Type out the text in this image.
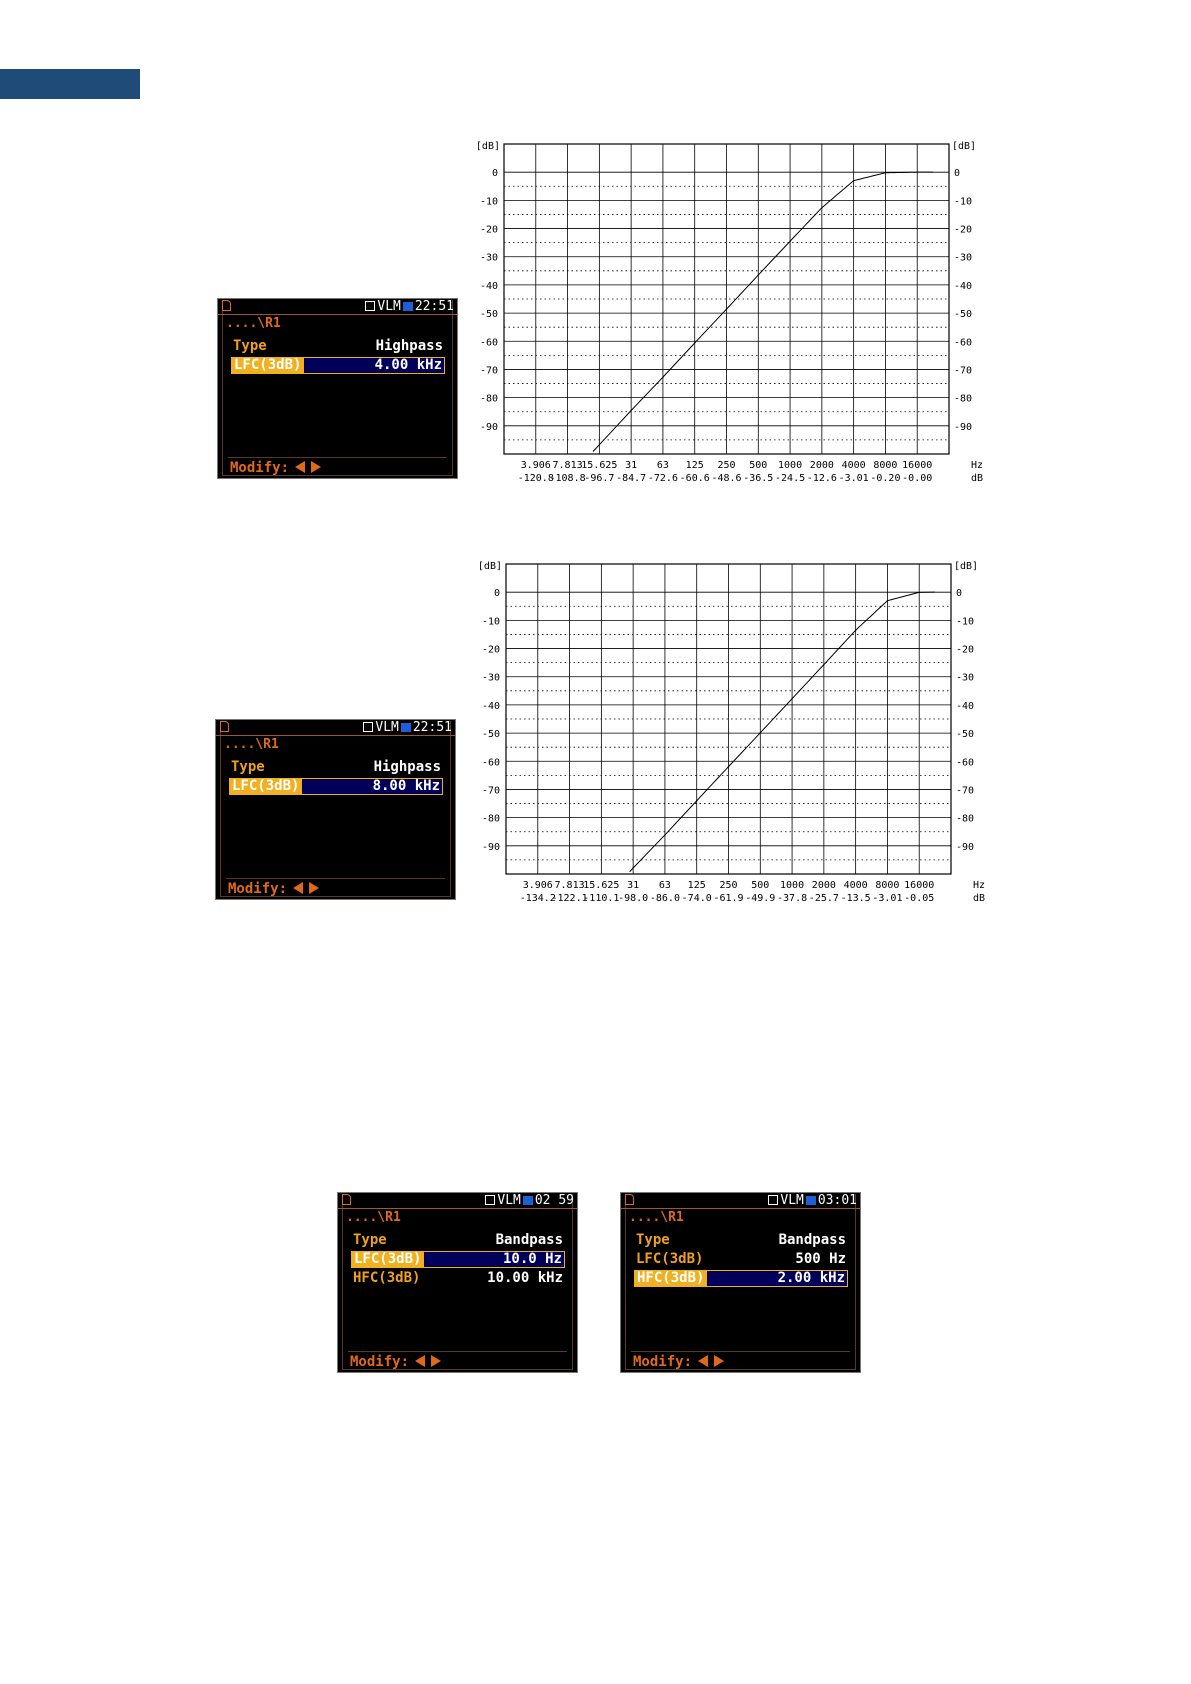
VLM 22:51
....\R1
Type	Highpass
LFC(3dB)	4.00 kHz
Modify:
0	0
-10	-10
-20	-20
-30	-30
-40	-40
-50	-50
-60	-60
-70	-70
-80	-80
-90	-90
[dB]	[dB]
3.906 7.813
15.625 31 63 125 250 500 1000 2000 4000 8000 16000
-120.8
-108.8
-96.7 -84.7 -72.6 -60.6 -48.6 -36.5 -24.5 -12.6 -3.01 -0.20 -0.00
Hz
dB
VLM 22:51
....\R1
Type	Highpass
LFC(3dB)	8.00 kHz
Modify:
0	0
-10	-10
-20	-20
-30	-30
-40	-40
-50	-50
-60	-60
-70	-70
-80	-80
-90	-90
[dB]	[dB]
3.906 7.813
15.625 31 63 125 250 500 1000 2000 4000 8000 16000
-134.2
-122.1
-110.1
-98.0 -86.0 -74.0 -61.9 -49.9 -37.8 -25.7 -13.5 -3.01 -0.05
Hz
dB
VLM 02 59
....\R1
Type	Bandpass
LFC(3dB)	10.0 Hz
HFC(3dB)	10.00 kHz
Modify:
VLM 03:01
....\R1
Type	Bandpass
LFC(3dB)	500 Hz
HFC(3dB)	2.00 kHz
Modify:
